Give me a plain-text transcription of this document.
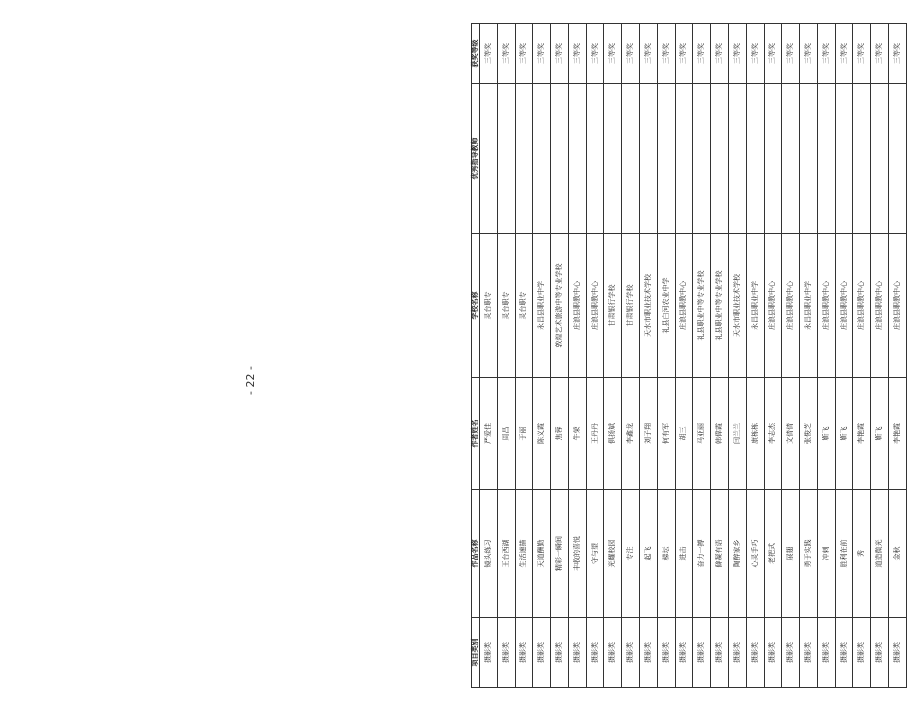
项目类别	作品名称	作者姓名	学校名称	优秀指导教师	获奖等级
摄影类	镜头练习	严爱佳	灵台职专		三等奖
摄影类	王台西湖	周昌	灵台职专		三等奖
摄影类	生活速描	于丽	灵台职专		三等奖
摄影类	天道酬勤	陈义霞	永昌县职业中学		三等奖
摄影类	精彩一瞬间	焦蓉	敦煌艺术旅游中等专业学校		三等奖
摄影类	丰收的喜悦	牛荣	庄浪县职教中心		三等奖
摄影类	守与望	王丹丹	庄浪县职教中心		三等奖
摄影类	光耀校园	俱扬斌	甘肃银行学校		三等奖
摄影类	专注	李鑫龙	甘肃银行学校		三等奖
摄影类	起飞	刘子翔	天水市职业技术学校		三等奖
摄影类	梯坛	何有军	礼县白河农业中学		三等奖
摄影类	进击	胡三	庄浪县职教中心		三等奖
摄影类	奋力一搏	马亚丽	礼县职业中等专业学校		三等奖
摄影类	僻凝有语	韩偉霞	礼县职业中等专业学校		三等奖
摄影类	陶醉家乡	闫兰兰	天水市职业技术学校		三等奖
摄影类	心灵手巧	康栋栋	永昌县职业中学		三等奖
摄影类	老把式	李志杰	庄浪县职教中心		三等奖
摄影类	展翅	文倩倩	庄浪县职教中心		三等奖
摄影类	勇于实践	张俊芝	永昌县职业中学		三等奖
摄影类	冲刺	靳飞	庄浪县职教中心		三等奖
摄影类	胜利在前	靳飞	庄浪县职教中心		三等奖
摄影类	秀	李艳霞	庄浪县职教中心		三等奖
摄影类	道造微光	靳飞	庄浪县职教中心		三等奖
摄影类	金秋	李艳霞	庄浪县职教中心		三等奖
- 22 -
